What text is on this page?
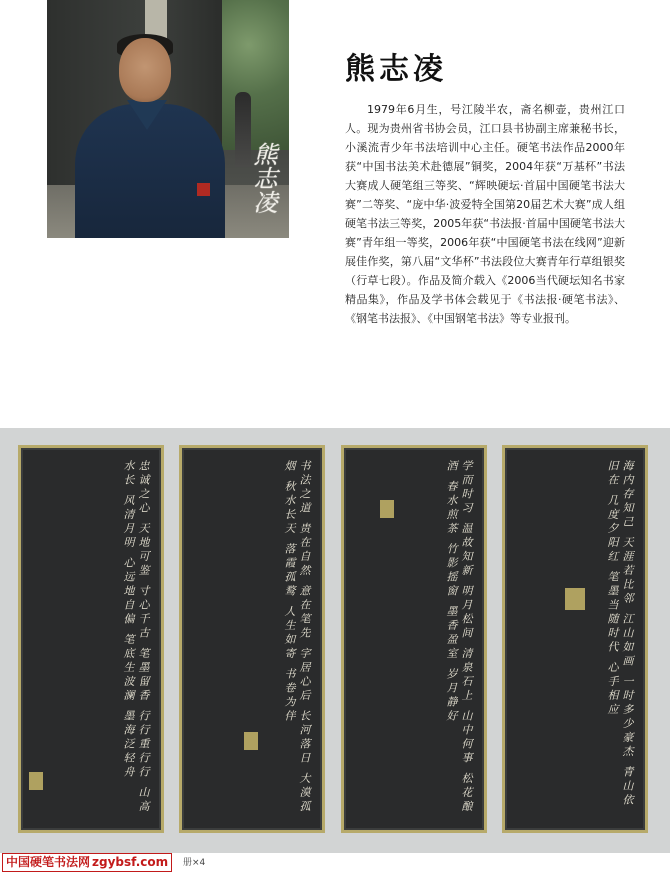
熊志凌
熊志凌

1979年6月生，号江陵半农，斋名柳壶，贵州江口人。现为贵州省书协会员，江口县书协副主席兼秘书长，小溪流青少年书法培训中心主任。硬笔书法作品2000年获“中国书法美术赴德展”铜奖，2004年获“万基杯”书法大赛成人硬笔组三等奖、“辉映硬坛·首届中国硬笔书法大赛”二等奖、“庞中华·波爱特全国第20届艺术大赛”成人组硬笔书法三等奖，2005年获“书法报·首届中国硬笔书法大赛”青年组一等奖，2006年获“中国硬笔书法在线网”迎新展佳作奖，第八届“文华杯”书法段位大赛青年行草组银奖（行草七段）。作品及简介载入《2006当代硬坛知名书家精品集》，作品及学书体会载见于《书法报·硬笔书法》、《钢笔书法报》、《中国钢笔书法》等专业报刊。

忠诚之心 天地可鉴 寸心千古 笔墨留香 行行重行行 山高水长 风清月明 心远地自偏 笔底生波澜 墨海泛轻舟	书法之道 贵在自然 意在笔先 字居心后 长河落日 大漠孤烟 秋水长天 落霞孤鹜 人生如寄 书卷为伴	学而时习 温故知新 明月松间 清泉石上 山中何事 松花酿酒 春水煎茶 竹影摇窗 墨香盈室 岁月静好	海内存知己 天涯若比邻 江山如画 一时多少豪杰 青山依旧在 几度夕阳红 笔墨当随时代 心手相应
中国硬笔书法网 zgybsf.com 册×4
